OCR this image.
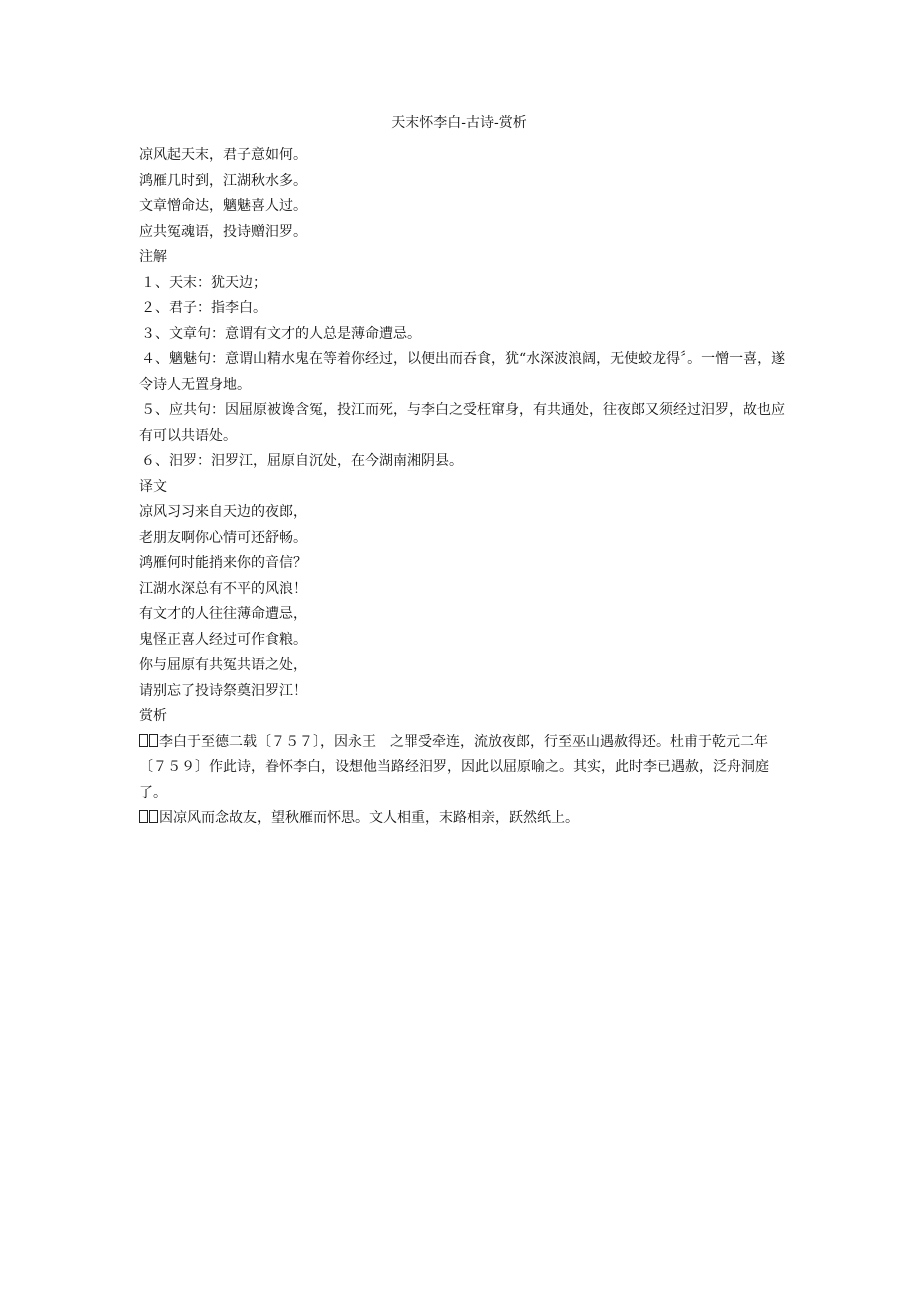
天末怀李白-古诗-赏析

凉风起天末，君子意如何。

鸿雁几时到，江湖秋水多。

文章憎命达，魑魅喜人过。

应共冤魂语，投诗赠汨罗。

注解

１、天末：犹天边；

２、君子：指李白。

３、文章句：意谓有文才的人总是薄命遭忌。

４、魑魅句：意谓山精水鬼在等着你经过，以便出而吞食，犹“水深波浪阔，无使蛟龙得〞。一憎一喜，遂令诗人无置身地。

５、应共句：因屈原被谗含冤，投江而死，与李白之受枉窜身，有共通处，往夜郎又须经过汨罗，故也应有可以共语处。

６、汨罗：汨罗江，屈原自沉处，在今湖南湘阴县。

译文

凉风习习来自天边的夜郎，

老朋友啊你心情可还舒畅。

鸿雁何时能捎来你的音信？

江湖水深总有不平的风浪！

有文才的人往往薄命遭忌，

鬼怪正喜人经过可作食粮。

你与屈原有共冤共语之处，

请别忘了投诗祭奠汨罗江！

赏析

李白于至德二载〔７５７〕，因永王　之罪受牵连，流放夜郎，行至巫山遇赦得还。杜甫于乾元二年〔７５９〕作此诗，眷怀李白，设想他当路经汨罗，因此以屈原喻之。其实，此时李已遇赦，泛舟洞庭了。

因凉风而念故友，望秋雁而怀思。文人相重，末路相亲，跃然纸上。
